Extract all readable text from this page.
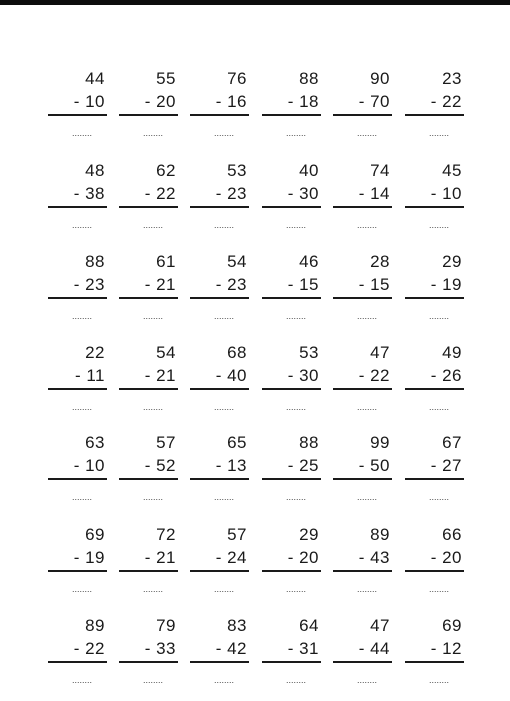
44
- 10
........
55
- 20
........
76
- 16
........
88
- 18
........
90
- 70
........
23
- 22
........
48
- 38
........
62
- 22
........
53
- 23
........
40
- 30
........
74
- 14
........
45
- 10
........
88
- 23
........
61
- 21
........
54
- 23
........
46
- 15
........
28
- 15
........
29
- 19
........
22
- 11
........
54
- 21
........
68
- 40
........
53
- 30
........
47
- 22
........
49
- 26
........
63
- 10
........
57
- 52
........
65
- 13
........
88
- 25
........
99
- 50
........
67
- 27
........
69
- 19
........
72
- 21
........
57
- 24
........
29
- 20
........
89
- 43
........
66
- 20
........
89
- 22
........
79
- 33
........
83
- 42
........
64
- 31
........
47
- 44
........
69
- 12
........
